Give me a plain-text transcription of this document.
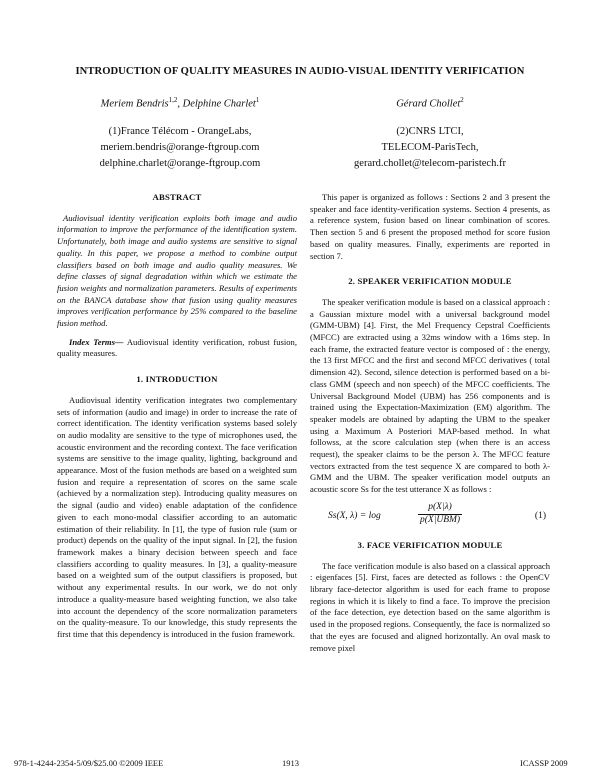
INTRODUCTION OF QUALITY MEASURES IN AUDIO-VISUAL IDENTITY VERIFICATION
Meriem Bendris$^{1,2}$, Delphine Charlet$^1$	Gérard Chollet$^2$
(1)France Télécom - OrangeLabs,
meriem.bendris@orange-ftgroup.com
delphine.charlet@orange-ftgroup.com
(2)CNRS LTCI,
TELECOM-ParisTech,
gerard.chollet@telecom-paristech.fr
ABSTRACT

Audiovisual identity verification exploits both image and audio information to improve the performance of the identification system. Unfortunately, both image and audio systems are sensitive to signal quality. In this paper, we propose a method to combine output classifiers based on both image and audio quality measures. We define classes of signal degradation within which we estimate the fusion weights and normalization parameters. Results of experiments on the BANCA database show that fusion using quality measures improves verification performance by 25% compared to the baseline fusion method.

Index Terms— Audiovisual identity verification, robust fusion, quality measures.

1. INTRODUCTION

Audiovisual identity verification integrates two complementary sets of information (audio and image) in order to increase the rate of correct identification. The identity verification systems based solely on audio modality are sensitive to the type of microphones used, the acoustic environment and the recording context. The face verification systems are sensitive to the image quality, lighting, background and appearance. Most of the fusion methods are based on a weighted sum fusion and require a representation of scores on the same scale (achieved by a normalization step). Introducing quality measures on the signal (audio and video) enable adaptation of the confidence given to each mono-modal classifier according to an automatic estimation of their reliability. In [1], the type of fusion rule (sum or product) depends on the quality of the input signal. In [2], the fusion framework makes a binary decision between speech and face classifiers according to quality measures. In [3], a quality-measure based on a weighted sum of the output classifiers is proposed, but without any experimental results. In our work, we do not only introduce a quality-measure based weighting function, we also take into account the dependency of the score normalization parameters on the quality-measure. To our knowledge, this study represents the first time that this dependency is introduced in the fusion framework.

This paper is organized as follows : Sections 2 and 3 present the speaker and face identity-verification systems. Section 4 presents, as a reference system, fusion based on linear combination of scores. Then section 5 and 6 present the proposed method for score fusion based on quality measures. Finally, experiments are reported in section 7.

2. SPEAKER VERIFICATION MODULE

The speaker verification module is based on a classical approach : a Gaussian mixture model with a universal background model (GMM-UBM) [4]. First, the Mel Frequency Cepstral Coefficients (MFCC) are extracted using a 32ms window with a 16ms step. In each frame, the extracted feature vector is composed of : the energy, the 13 first MFCC and the first and second MFCC derivatives ( total dimension 42). Second, silence detection is performed based on a bi-class GMM (speech and non speech) of the MFCC coefficients. The Universal Background Model (UBM) has 256 components and is trained using the Expectation-Maximization (EM) algorithm. The speaker models are obtained by adapting the UBM to the speaker using a Maximum A Posteriori MAP-based method. In what followss, at the score calculation step (when there is an access request), the speaker claims to be the person λ. The MFCC feature vectors extracted from the test sequence X are compared to both λ-GMM and the UBM. The speaker verification model outputs an acoustic score Ss for the test utterance X as follows :

Ss(X, λ) = log
p(X|λ)
p(X|UBM)	(1)
3. FACE VERIFICATION MODULE

The face verification module is also based on a classical approach : eigenfaces [5]. First, faces are detected as follows : the OpenCV library face-detector algorithm is used for each frame to propose regions in which it is likely to find a face. To improve the precision of the face detection, eye detection based on the same algorithm is used in the proposed regions. Consequently, the face is normalized so that the eyes are focused and aligned horizontally. An oval mask to remove pixel

978-1-4244-2354-5/09/$25.00 ©2009 IEEE	1913	ICASSP 2009
